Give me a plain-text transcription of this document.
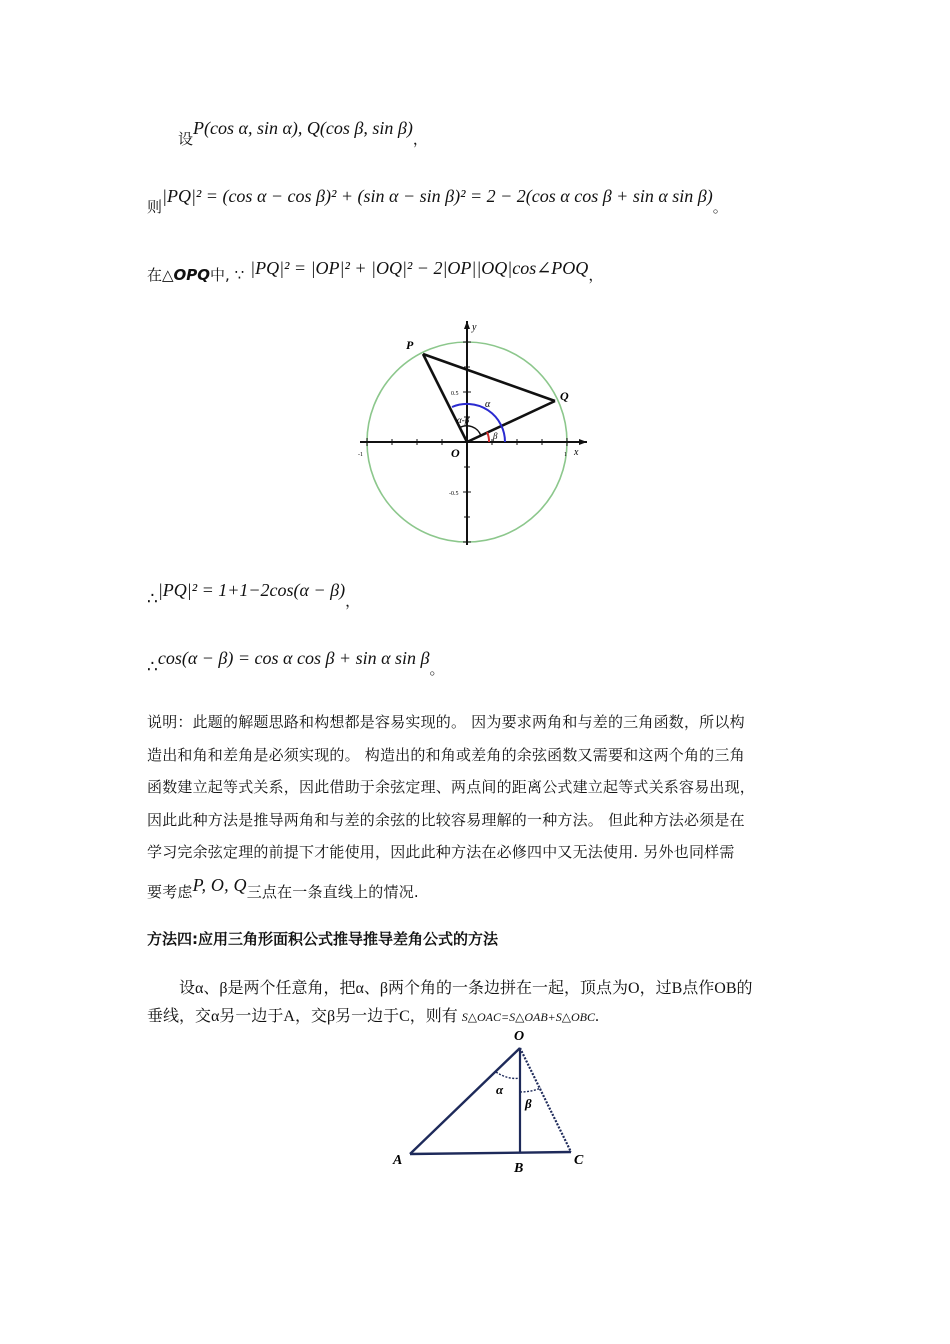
设P(cos α, sin α), Q(cos β, sin β)，
则|PQ|² = (cos α − cos β)² + (sin α − sin β)² = 2 − 2(cos α cos β + sin α sin β)。
在△OPQ中, ∵ |PQ|² = |OP|² + |OQ|² − 2|OP||OQ|cos∠POQ，
P
Q
O	x
y
α
α-β
β
-1	1
0.5
-0.5
∴|PQ|² = 1+1−2cos(α − β)，
∴cos(α − β) = cos α cos β + sin α sin β。
说明：此题的解题思路和构想都是容易实现的。 因为要求两角和与差的三角函数，所以构
造出和角和差角是必须实现的。 构造出的和角或差角的余弦函数又需要和这两个角的三角
函数建立起等式关系，因此借助于余弦定理、两点间的距离公式建立起等式关系容易出现，
因此此种方法是推导两角和与差的余弦的比较容易理解的一种方法。 但此种方法必须是在
学习完余弦定理的前提下才能使用，因此此种方法在必修四中又无法使用. 另外也同样需
要考虑P, O, Q三点在一条直线上的情况.
方法四:应用三角形面积公式推导推导差角公式的方法
设α、β是两个任意角，把α、β两个角的一条边拼在一起，顶点为O，过B点作OB的
垂线，交α另一边于A，交β另一边于C，则有 S△OAC=S△OAB+S△OBC.
O
A
B
C
α
β
